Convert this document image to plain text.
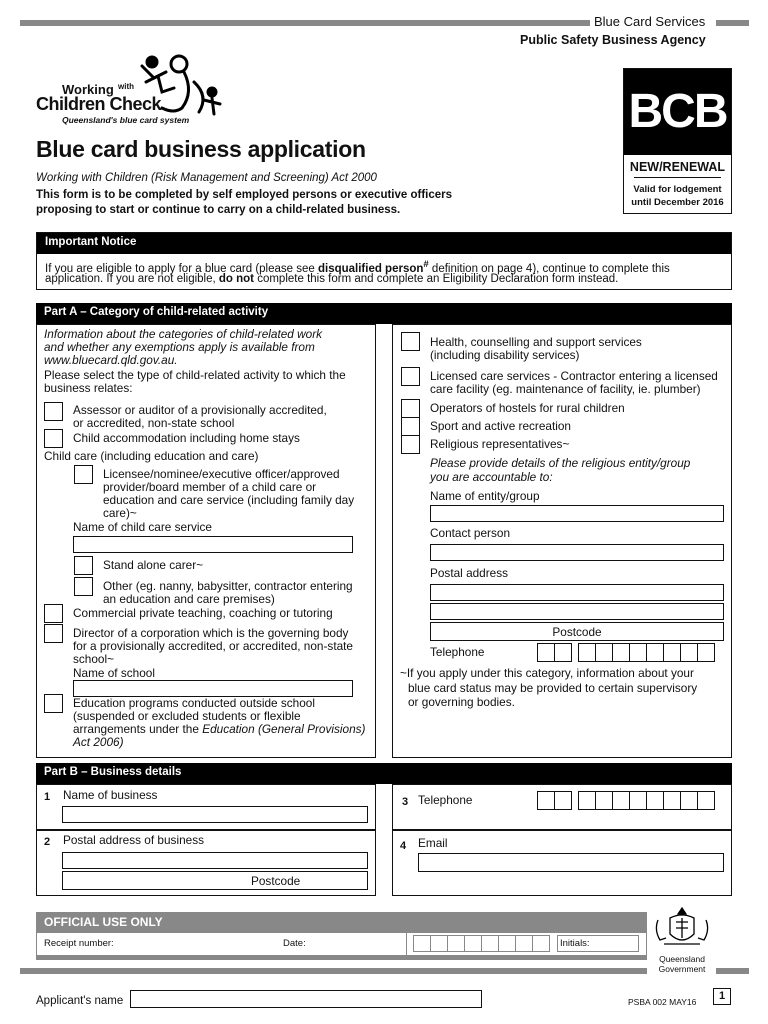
Blue Card Services
Public Safety Business Agency
Working with
Children Check
Queensland's blue card system	BCB
NEW/RENEWAL
Valid for lodgement
until December 2016
Blue card business application
Working with Children (Risk Management and Screening) Act 2000
This form is to be completed by self employed persons or executive officers
proposing to start or continue to carry on a child-related business.
Important Notice
If you are eligible to apply for a blue card (please see disqualified person# definition on page 4), continue to complete this
application. If you are not eligible, do not complete this form and complete an Eligibility Declaration form instead.
Part A – Category of child-related activity
Information about the categories of child-related work
and whether any exemptions apply is available from
www.bluecard.qld.gov.au.
Please select the type of child-related activity to which the
business relates:
Assessor or auditor of a provisionally accredited,
or accredited, non-state school
Child accommodation including home stays
Child care (including education and care)
Licensee/nominee/executive officer/approved
provider/board member of a child care or
education and care service (including family day
care)~
Name of child care service
Stand alone carer~
Other (eg. nanny, babysitter, contractor entering
an education and care premises)
Commercial private teaching, coaching or tutoring
Director of a corporation which is the governing body
for a provisionally accredited, or accredited, non-state
school~
Name of school
Education programs conducted outside school
(suspended or excluded students or flexible
arrangements under the Education (General Provisions)
Act 2006)
Health, counselling and support services
(including disability services)
Licensed care services - Contractor entering a licensed
care facility (eg. maintenance of facility, ie. plumber)
Operators of hostels for rural children
Sport and active recreation
Religious representatives~
Please provide details of the religious entity/group
you are accountable to:
Name of entity/group
Contact person
Postal address
Postcode
Telephone
~If you apply under this category, information about your
blue card status may be provided to certain supervisory
or governing bodies.
Part B – Business details
1 Name of business
2 Postal address of business
Postcode
3 Telephone
4 Email
OFFICIAL USE ONLY
Receipt number:	Date:	Initials:
Queensland
Government
Applicant's name	PSBA 002 MAY16	1
